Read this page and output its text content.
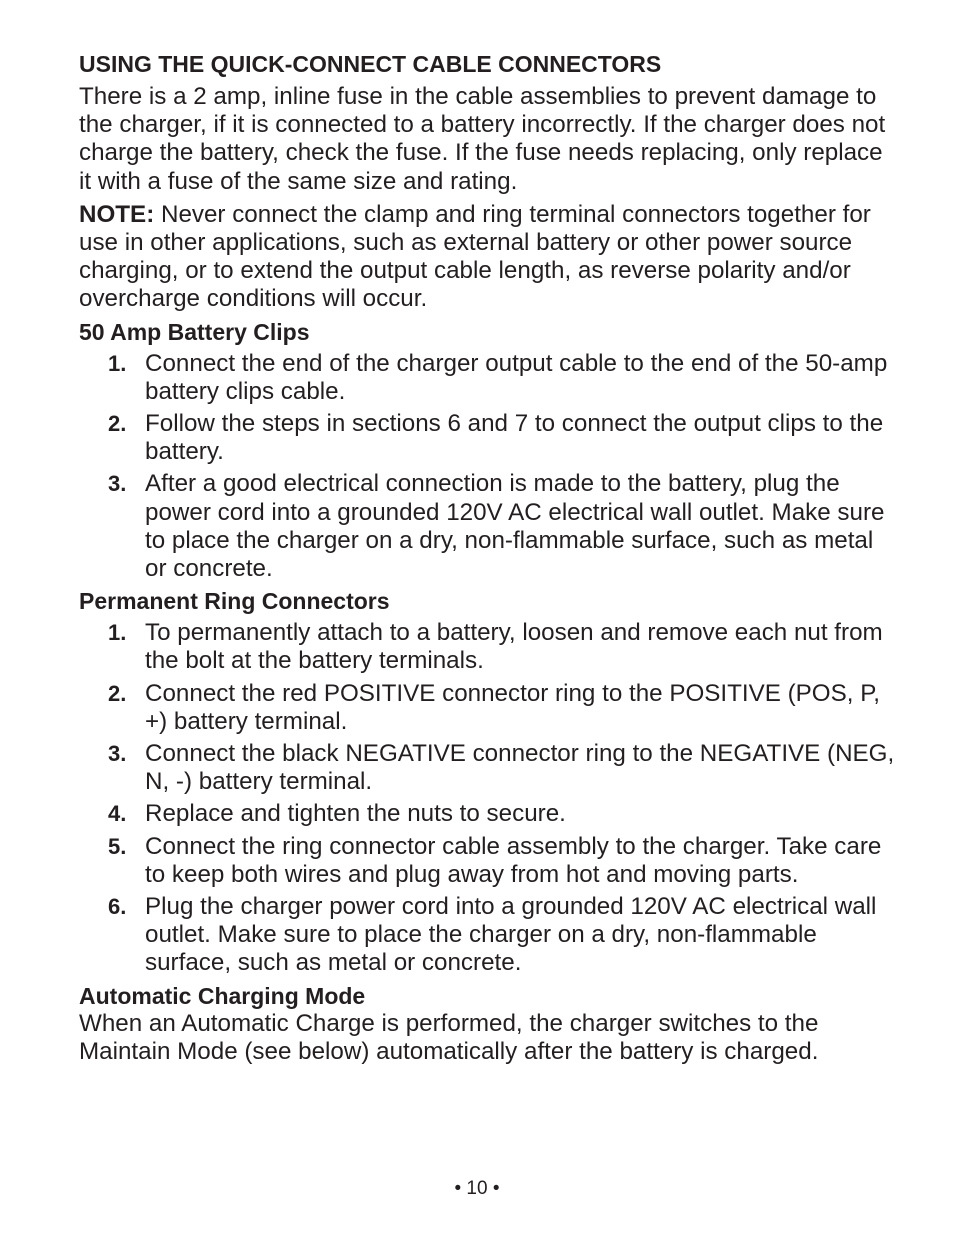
USING THE QUICK-CONNECT CABLE CONNECTORS

There is a 2 amp, inline fuse in the cable assemblies to prevent damage to the charger, if it is connected to a battery incorrectly. If the charger does not charge the battery, check the fuse. If the fuse needs replacing, only replace it with a fuse of the same size and rating.

NOTE: Never connect the clamp and ring terminal connectors together for use in other applications, such as external battery or other power source charging, or to extend the output cable length, as reverse polarity and/or overcharge conditions will occur.

50 Amp Battery Clips
1. Connect the end of the charger output cable to the end of the 50-amp battery clips cable.
2. Follow the steps in sections 6 and 7 to connect the output clips to the battery.
3. After a good electrical connection is made to the battery, plug the power cord into a grounded 120V AC electrical wall outlet. Make sure to place the charger on a dry, non-flammable surface, such as metal or concrete.
Permanent Ring Connectors
1. To permanently attach to a battery, loosen and remove each nut from the bolt at the battery terminals.
2. Connect the red POSITIVE connector ring to the POSITIVE (POS, P, +) battery terminal.
3. Connect the black NEGATIVE connector ring to the NEGATIVE (NEG, N, -) battery terminal.
4. Replace and tighten the nuts to secure.
5. Connect the ring connector cable assembly to the charger. Take care to keep both wires and plug away from hot and moving parts.
6. Plug the charger power cord into a grounded 120V AC electrical wall outlet. Make sure to place the charger on a dry, non-flammable surface, such as metal or concrete.
Automatic Charging Mode

When an Automatic Charge is performed, the charger switches to the Maintain Mode (see below) automatically after the battery is charged.

• 10 •
